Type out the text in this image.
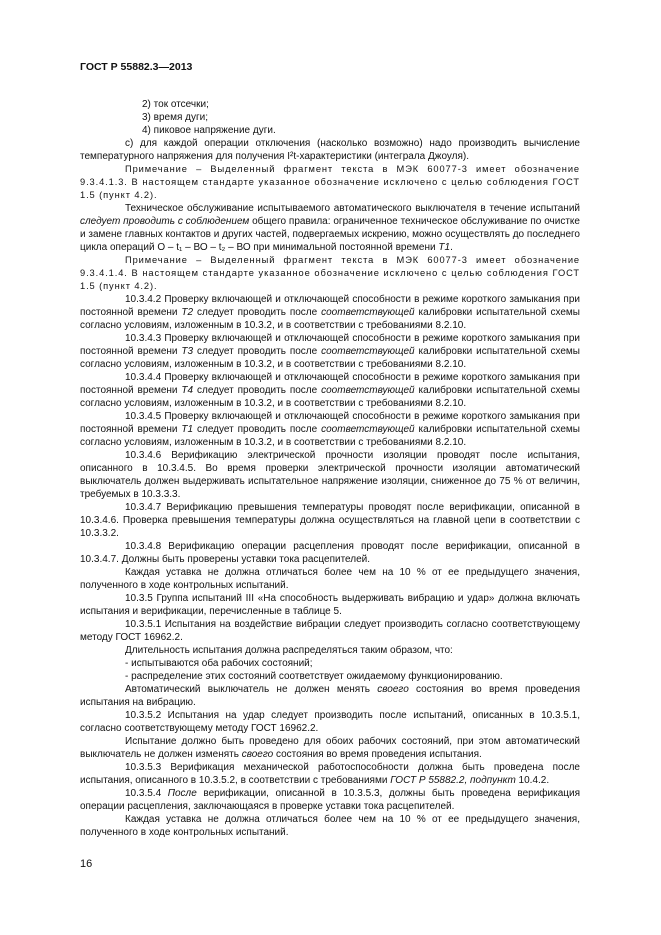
ГОСТ Р 55882.3—2013
2) ток отсечки;
3) время дуги;
4) пиковое напряжение дуги.

c) для каждой операции отключения (насколько возможно) надо производить вычисление температурного напряжения для получения I²t-характеристики (интеграла Джоуля).

Примечание – Выделенный фрагмент текста в МЭК 60077-3 имеет обозначение 9.3.4.1.3. В настоящем стандарте указанное обозначение исключено с целью соблюдения ГОСТ 1.5 (пункт 4.2).

Техническое обслуживание испытываемого автоматического выключателя в течение испытаний следует проводить с соблюдением общего правила: ограниченное техническое обслуживание по очистке и замене главных контактов и других частей, подвергаемых искрению, можно осуществлять до последнего цикла операций О – t₁ – ВО – t₂ – ВО при минимальной постоянной времени T1.

Примечание – Выделенный фрагмент текста в МЭК 60077-3 имеет обозначение 9.3.4.1.4. В настоящем стандарте указанное обозначение исключено с целью соблюдения ГОСТ 1.5 (пункт 4.2).

10.3.4.2 Проверку включающей и отключающей способности в режиме короткого замыкания при постоянной времени T2 следует проводить после соответствующей калибровки испытательной схемы согласно условиям, изложенным в 10.3.2, и в соответствии с требованиями 8.2.10.

10.3.4.3 Проверку включающей и отключающей способности в режиме короткого замыкания при постоянной времени T3 следует проводить после соответствующей калибровки испытательной схемы согласно условиям, изложенным в 10.3.2, и в соответствии с требованиями 8.2.10.

10.3.4.4 Проверку включающей и отключающей способности в режиме короткого замыкания при постоянной времени T4 следует проводить после соответствующей калибровки испытательной схемы согласно условиям, изложенным в 10.3.2, и в соответствии с требованиями 8.2.10.

10.3.4.5 Проверку включающей и отключающей способности в режиме короткого замыкания при постоянной времени T1 следует проводить после соответствующей калибровки испытательной схемы согласно условиям, изложенным в 10.3.2, и в соответствии с требованиями 8.2.10.

10.3.4.6 Верификацию электрической прочности изоляции проводят после испытания, описанного в 10.3.4.5. Во время проверки электрической прочности изоляции автоматический выключатель должен выдерживать испытательное напряжение изоляции, сниженное до 75 % от величин, требуемых в 10.3.3.3.

10.3.4.7 Верификацию превышения температуры проводят после верификации, описанной в 10.3.4.6. Проверка превышения температуры должна осуществляться на главной цепи в соответствии с 10.3.3.2.

10.3.4.8 Верификацию операции расцепления проводят после верификации, описанной в 10.3.4.7. Должны быть проверены уставки тока расцепителей.

Каждая уставка не должна отличаться более чем на 10 % от ее предыдущего значения, полученного в ходе контрольных испытаний.

10.3.5 Группа испытаний III «На способность выдерживать вибрацию и удар» должна включать испытания и верификации, перечисленные в таблице 5.

10.3.5.1 Испытания на воздействие вибрации следует производить согласно соответствующему методу ГОСТ 16962.2.

Длительность испытания должна распределяться таким образом, что:

- испытываются оба рабочих состояний;

- распределение этих состояний соответствует ожидаемому функционированию.

Автоматический выключатель не должен менять своего состояния во время проведения испытания на вибрацию.

10.3.5.2 Испытания на удар следует производить после испытаний, описанных в 10.3.5.1, согласно соответствующему методу ГОСТ 16962.2.

Испытание должно быть проведено для обоих рабочих состояний, при этом автоматический выключатель не должен изменять своего состояния во время проведения испытания.

10.3.5.3 Верификация механической работоспособности должна быть проведена после испытания, описанного в 10.3.5.2, в соответствии с требованиями ГОСТ Р 55882.2, подпункт 10.4.2.

10.3.5.4 После верификации, описанной в 10.3.5.3, должны быть проведена верификация операции расцепления, заключающаяся в проверке уставки тока расцепителей.

Каждая уставка не должна отличаться более чем на 10 % от ее предыдущего значения, полученного в ходе контрольных испытаний.

16
